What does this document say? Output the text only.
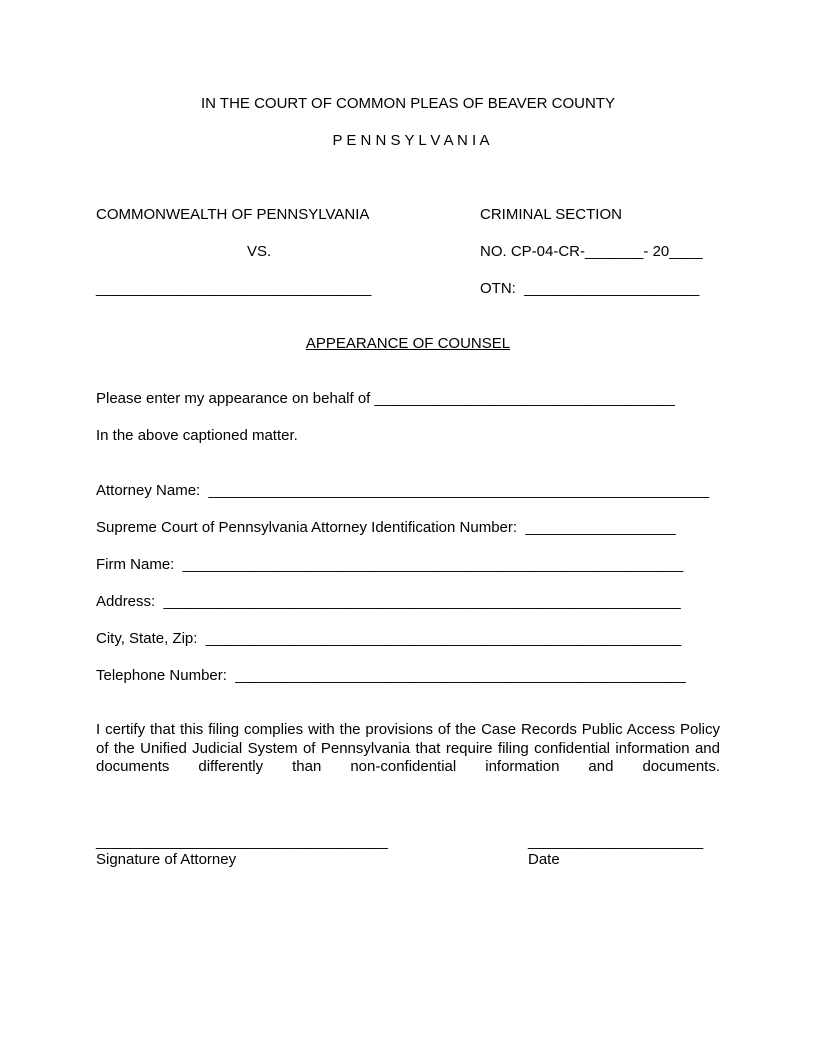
IN THE COURT OF COMMON PLEAS OF BEAVER COUNTY
P E N N S Y L V A N I A
COMMONWEALTH OF PENNSYLVANIA
VS.
_________________________________
CRIMINAL SECTION
NO. CP-04-CR-_______- 20____
OTN:  _____________________
APPEARANCE OF COUNSEL
Please enter my appearance on behalf of ____________________________________
In the above captioned matter.
Attorney Name:  ____________________________________________________________
Supreme Court of Pennsylvania Attorney Identification Number:  __________________
Firm Name:  ____________________________________________________________
Address:  ______________________________________________________________
City, State, Zip:  _________________________________________________________
Telephone Number:  ______________________________________________________
I certify that this filing complies with the provisions of the Case Records Public Access Policy of the Unified Judicial System of Pennsylvania that require filing confidential information and documents differently than non-confidential information and documents.
___________________________________
Signature of Attorney
_____________________
Date
